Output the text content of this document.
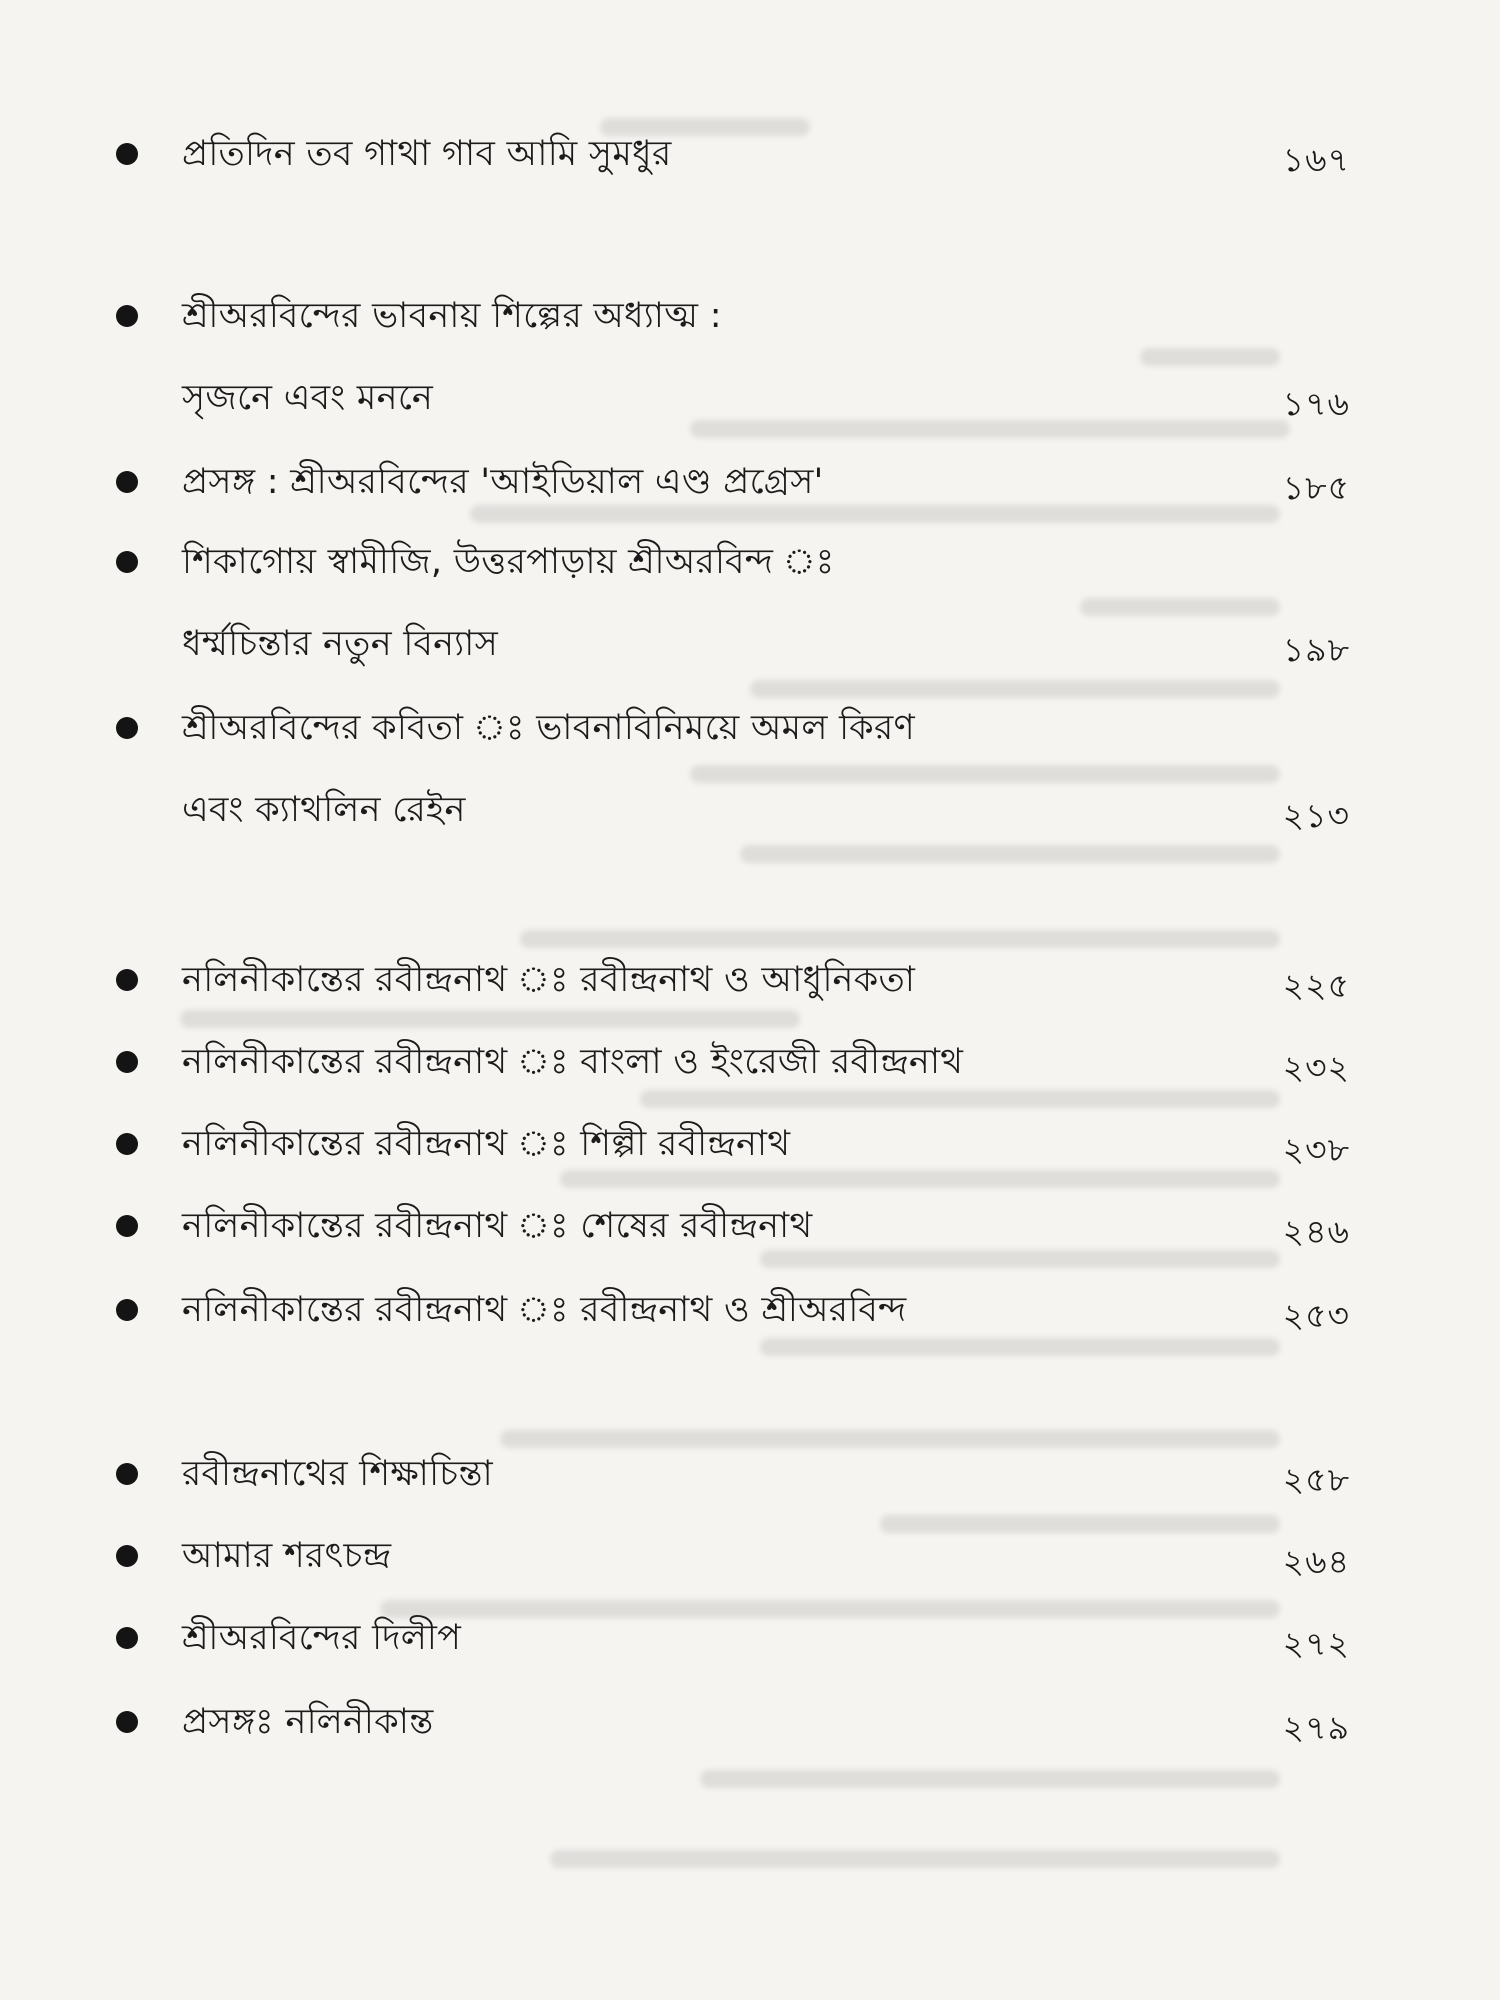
প্রতিদিন তব গাথা গাব আমি সুমধুর	১৬৭
শ্রীঅরবিন্দের ভাবনায় শিল্পের অধ্যাত্ম :
সৃজনে এবং মননে	১৭৬
প্রসঙ্গ : শ্রীঅরবিন্দের 'আইডিয়াল এণ্ড প্রগ্রেস'	১৮৫
শিকাগোয় স্বামীজি, উত্তরপাড়ায় শ্রীঅরবিন্দ ঃ
ধর্ম্মচিন্তার নতুন বিন্যাস	১৯৮
শ্রীঅরবিন্দের কবিতা ঃ ভাবনাবিনিময়ে অমল কিরণ
এবং ক্যাথলিন রেইন	২১৩
নলিনীকান্তের রবীন্দ্রনাথ ঃ রবীন্দ্রনাথ ও আধুনিকতা	২২৫
নলিনীকান্তের রবীন্দ্রনাথ ঃ বাংলা ও ইংরেজী রবীন্দ্রনাথ	২৩২
নলিনীকান্তের রবীন্দ্রনাথ ঃ শিল্পী রবীন্দ্রনাথ	২৩৮
নলিনীকান্তের রবীন্দ্রনাথ ঃ শেষের রবীন্দ্রনাথ	২৪৬
নলিনীকান্তের রবীন্দ্রনাথ ঃ রবীন্দ্রনাথ ও শ্রীঅরবিন্দ	২৫৩
রবীন্দ্রনাথের শিক্ষাচিন্তা	২৫৮
আমার শরৎচন্দ্র	২৬৪
শ্রীঅরবিন্দের দিলীপ	২৭২
প্রসঙ্গঃ নলিনীকান্ত	২৭৯
